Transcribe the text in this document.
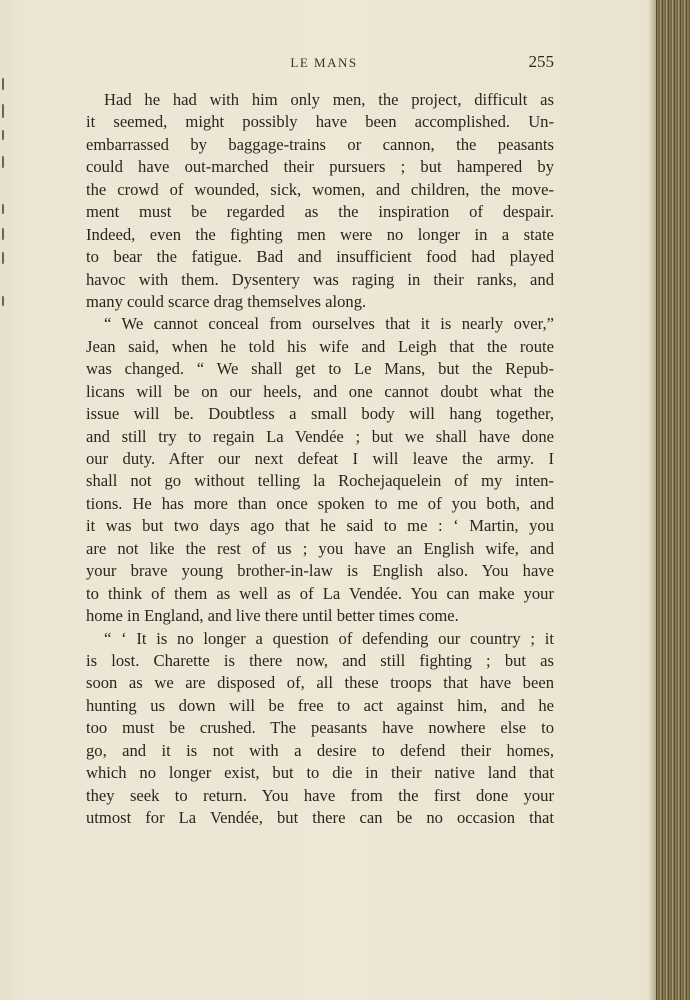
LE MANS	255
Had he had with him only men, the project, difficult as
it seemed, might possibly have been accomplished. Un-
embarrassed by baggage-trains or cannon, the peasants
could have out-marched their pursuers ; but hampered by
the crowd of wounded, sick, women, and children, the move-
ment must be regarded as the inspiration of despair.
Indeed, even the fighting men were no longer in a state
to bear the fatigue. Bad and insufficient food had played
havoc with them. Dysentery was raging in their ranks, and
many could scarce drag themselves along.
“ We cannot conceal from ourselves that it is nearly over,”
Jean said, when he told his wife and Leigh that the route
was changed. “ We shall get to Le Mans, but the Repub-
licans will be on our heels, and one cannot doubt what the
issue will be. Doubtless a small body will hang together,
and still try to regain La Vendée ; but we shall have done
our duty. After our next defeat I will leave the army. I
shall not go without telling la Rochejaquelein of my inten-
tions. He has more than once spoken to me of you both, and
it was but two days ago that he said to me : ‘ Martin, you
are not like the rest of us ; you have an English wife, and
your brave young brother-in-law is English also. You have
to think of them as well as of La Vendée. You can make your
home in England, and live there until better times come.
“ ‘ It is no longer a question of defending our country ; it
is lost. Charette is there now, and still fighting ; but as
soon as we are disposed of, all these troops that have been
hunting us down will be free to act against him, and he
too must be crushed. The peasants have nowhere else to
go, and it is not with a desire to defend their homes,
which no longer exist, but to die in their native land that
they seek to return. You have from the first done your
utmost for La Vendée, but there can be no occasion that
